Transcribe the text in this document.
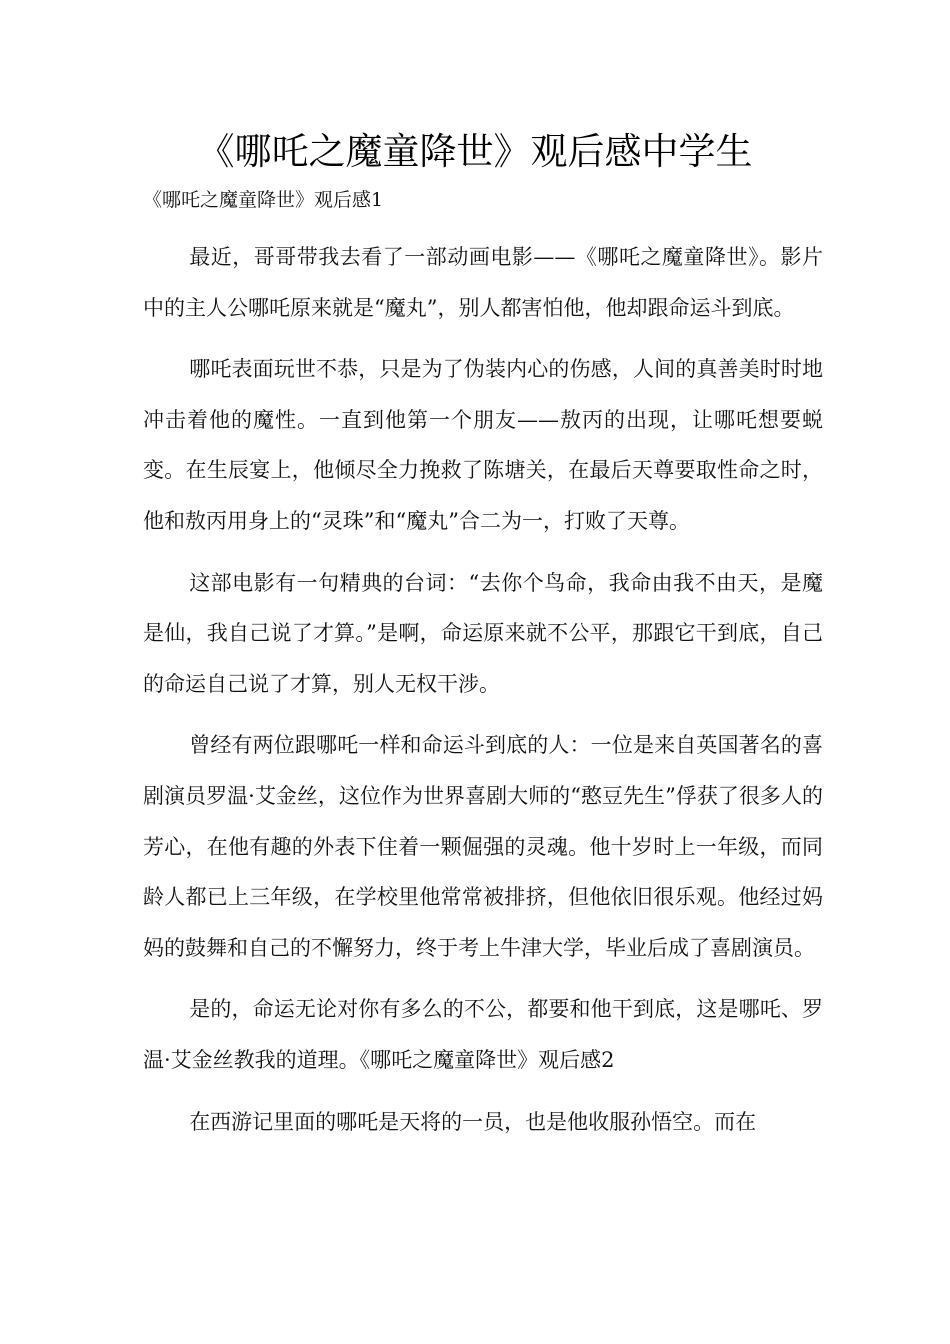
《哪吒之魔童降世》观后感中学生
《哪吒之魔童降世》观后感1

最近，哥哥带我去看了一部动画电影——《哪吒之魔童降世》。影片中的主人公哪吒原来就是“魔丸”，别人都害怕他，他却跟命运斗到底。

哪吒表面玩世不恭，只是为了伪装内心的伤感，人间的真善美时时地冲击着他的魔性。一直到他第一个朋友——敖丙的出现，让哪吒想要蜕变。在生辰宴上，他倾尽全力挽救了陈塘关，在最后天尊要取性命之时，他和敖丙用身上的“灵珠”和“魔丸”合二为一，打败了天尊。

这部电影有一句精典的台词：“去你个鸟命，我命由我不由天，是魔是仙，我自己说了才算。”是啊，命运原来就不公平，那跟它干到底，自己的命运自己说了才算，别人无权干涉。

曾经有两位跟哪吒一样和命运斗到底的人：一位是来自英国著名的喜剧演员罗温·艾金丝，这位作为世界喜剧大师的“憨豆先生”俘获了很多人的芳心，在他有趣的外表下住着一颗倔强的灵魂。他十岁时上一年级，而同龄人都已上三年级，在学校里他常常被排挤，但他依旧很乐观。他经过妈妈的鼓舞和自己的不懈努力，终于考上牛津大学，毕业后成了喜剧演员。

是的，命运无论对你有多么的不公，都要和他干到底，这是哪吒、罗温·艾金丝教我的道理。《哪吒之魔童降世》观后感2

在西游记里面的哪吒是天将的一员，也是他收服孙悟空。而在
